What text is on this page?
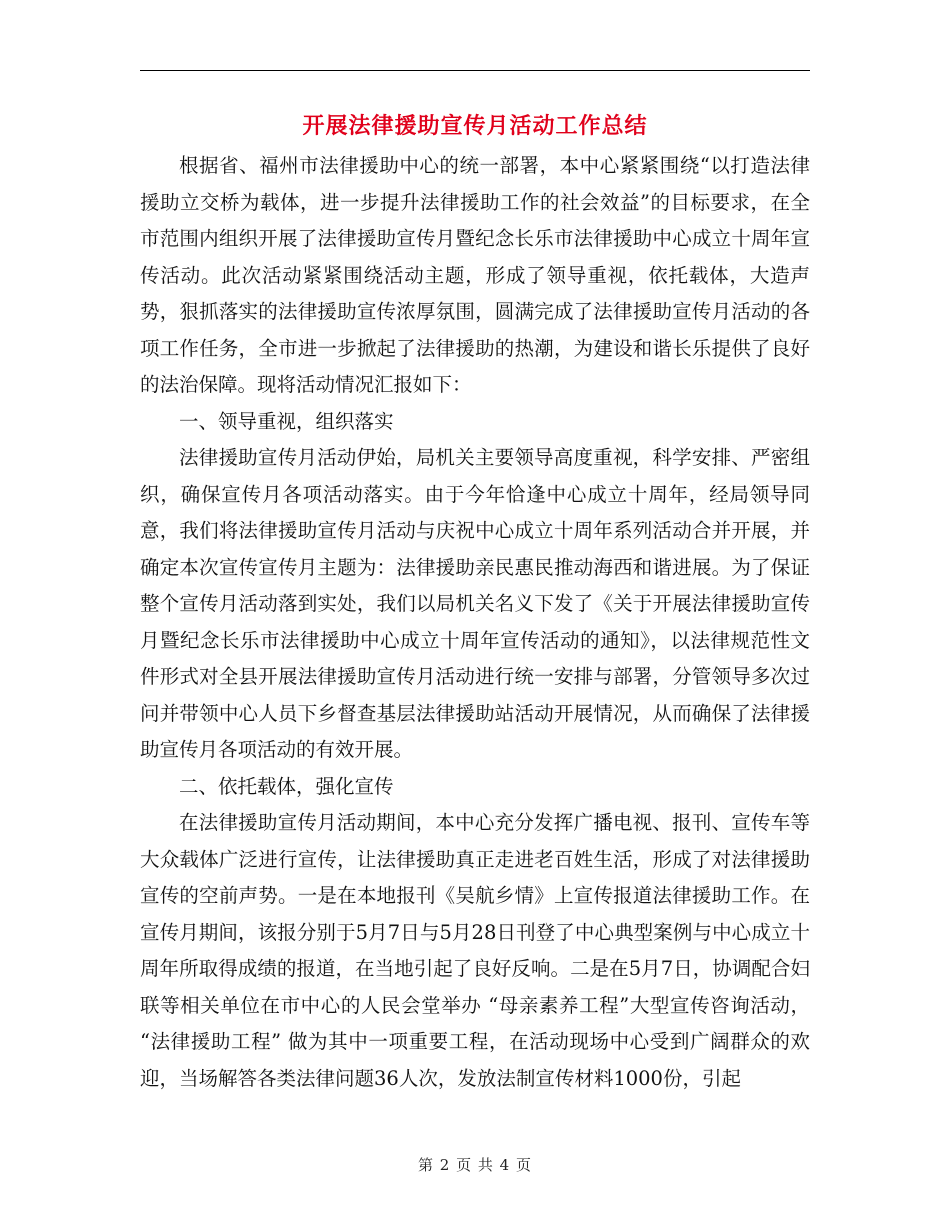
开展法律援助宣传月活动工作总结

根据省、福州市法律援助中心的统一部署，本中心紧紧围绕“以打造法律援助立交桥为载体，进一步提升法律援助工作的社会效益”的目标要求，在全市范围内组织开展了法律援助宣传月暨纪念长乐市法律援助中心成立十周年宣传活动。此次活动紧紧围绕活动主题，形成了领导重视，依托载体，大造声势，狠抓落实的法律援助宣传浓厚氛围，圆满完成了法律援助宣传月活动的各项工作任务，全市进一步掀起了法律援助的热潮，为建设和谐长乐提供了良好的法治保障。现将活动情况汇报如下：

一、领导重视，组织落实

法律援助宣传月活动伊始，局机关主要领导高度重视，科学安排、严密组织，确保宣传月各项活动落实。由于今年恰逢中心成立十周年，经局领导同意，我们将法律援助宣传月活动与庆祝中心成立十周年系列活动合并开展，并确定本次宣传宣传月主题为：法律援助亲民惠民推动海西和谐进展。为了保证整个宣传月活动落到实处，我们以局机关名义下发了《关于开展法律援助宣传月暨纪念长乐市法律援助中心成立十周年宣传活动的通知》，以法律规范性文件形式对全县开展法律援助宣传月活动进行统一安排与部署，分管领导多次过问并带领中心人员下乡督查基层法律援助站活动开展情况，从而确保了法律援助宣传月各项活动的有效开展。

二、依托载体，强化宣传

在法律援助宣传月活动期间，本中心充分发挥广播电视、报刊、宣传车等大众载体广泛进行宣传，让法律援助真正走进老百姓生活，形成了对法律援助宣传的空前声势。一是在本地报刊《吴航乡情》上宣传报道法律援助工作。在宣传月期间，该报分别于5月7日与5月28日刊登了中心典型案例与中心成立十周年所取得成绩的报道，在当地引起了良好反响。二是在5月7日，协调配合妇联等相关单位在市中心的人民会堂举办 “母亲素养工程”大型宣传咨询活动， “法律援助工程” 做为其中一项重要工程，在活动现场中心受到广阔群众的欢迎，当场解答各类法律问题36人次，发放法制宣传材料1000份，引起

第 2 页 共 4 页
